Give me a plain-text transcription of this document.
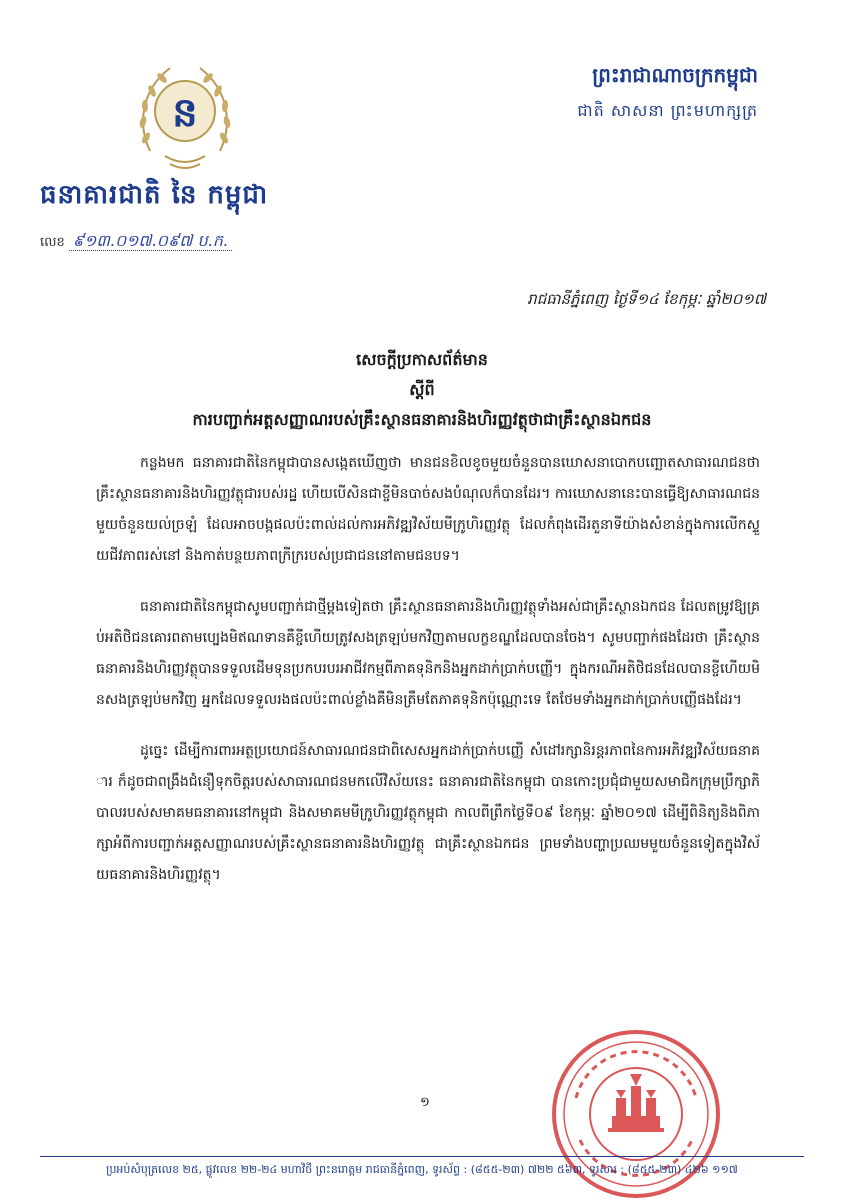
ន
ធនាគារជាតិ នៃ កម្ពុជា
លេខ ៩១៣.០១៧.០៩៧ ប.ក.
ព្រះរាជាណាចក្រកម្ពុជា
ជាតិ សាសនា ព្រះមហាក្សត្រ
រាជធានីភ្នំពេញ ថ្ងៃទី១៤ ខែកុម្ភៈ ឆ្នាំ២០១៧
សេចក្តីប្រកាសព័ត៌មាន
ស្តីពី
ការបញ្ជាក់អត្តសញ្ញាណរបស់គ្រឹះស្ថានធនាគារនិងហិរញ្ញវត្ថុថាជាគ្រឹះស្ថានឯកជន

កន្លងមក ធនាគារជាតិនៃកម្ពុជាបានសង្កេតឃើញថា មានជនខិលខូចមួយចំនួនបានឃោសនាបោកបញ្ឆោតសាធារណជនថាគ្រឹះស្ថានធនាគារនិងហិរញ្ញវត្ថុជារបស់រដ្ឋ ហើយបើសិនជាខ្ចីមិនបាច់សងបំណុលក៏បានដែរ។ ការឃោសនានេះបានធ្វើឱ្យសាធារណជនមួយចំនួនយល់ច្រឡំ ដែលអាចបង្កផលប៉ះពាល់ដល់ការអភិវឌ្ឍវិស័យមីក្រូហិរញ្ញវត្ថុ ដែលកំពុងដើរតួនាទីយ៉ាងសំខាន់ក្នុងការលើកស្ទួយជីវភាពរស់នៅ និងកាត់បន្ថយភាពក្រីក្ររបស់ប្រជាជននៅតាមជនបទ។

ធនាគារជាតិនៃកម្ពុជាសូមបញ្ជាក់ជាថ្មីម្តងទៀតថា គ្រឹះស្ថានធនាគារនិងហិរញ្ញវត្ថុទាំងអស់ជាគ្រឹះស្ថានឯកជន ដែលតម្រូវឱ្យគ្រប់អតិថិជនគោរពតាមប្បេងមិឥណទានគឺខ្ចីហើយត្រូវសងត្រឡប់មកវិញតាមលក្ខខណ្ឌដែលបានចែង។ សូមបញ្ជាក់ផងដែរថា គ្រឹះស្ថានធនាគារនិងហិរញ្ញវត្ថុបានទទួលដើមទុនប្រកបរបរអាជីវកម្មពីភាគទុនិកនិងអ្នកដាក់ប្រាក់បញ្ញើ។ ក្នុងករណីអតិថិជនដែលបានខ្ចីហើយមិនសងត្រឡប់មកវិញ អ្នកដែលទទួលរងផលប៉ះពាល់ខ្លាំងគឺមិនត្រឹមតែភាគទុនិកប៉ុណ្ណោះទេ តែថែមទាំងអ្នកដាក់ប្រាក់បញ្ញើផងដែរ។

ដូច្នេះ ដើម្បីការពារអត្ថប្រយោជន៍សាធារណជនជាពិសេសអ្នកដាក់ប្រាក់បញ្ញើ សំដៅរក្សានិរន្តរភាពនៃការអភិវឌ្ឍវិស័យធនាគារ ក៏ដូចជាពង្រឹងជំនឿទុកចិត្តរបស់សាធារណជនមកលើវិស័យនេះ ធនាគារជាតិនៃកម្ពុជា បានកោះប្រជុំជាមួយសមាជិកក្រុមប្រឹក្សាភិបាលរបស់សមាគមធនាគារនៅកម្ពុជា និងសមាគមមីក្រូហិរញ្ញវត្ថុកម្ពុជា កាលពីព្រឹកថ្ងៃទី០៩ ខែកុម្ភៈ ឆ្នាំ២០១៧ ដើម្បីពិនិត្យនិងពិភាក្សាអំពីការបញ្ជាក់អត្តសញ្ញាណរបស់គ្រឹះស្ថានធនាគារនិងហិរញ្ញវត្ថុ ជាគ្រឹះស្ថានឯកជន ព្រមទាំងបញ្ហាប្រឈមមួយចំនួនទៀតក្នុងវិស័យធនាគារនិងហិរញ្ញវត្ថុ។

១
ប្រអប់សំបុត្រលេខ ២៥, ផ្លូវលេខ ២២-២៤ មហាវិថី ព្រះនរោត្តម រាជធានីភ្នំពេញ, ទូរស័ព្ទ : (៨៥៥-២៣) ៧២២ ៥៦៣, ទូរសារ : (៨៥៥-២៣) ៤២៦ ១១៧
